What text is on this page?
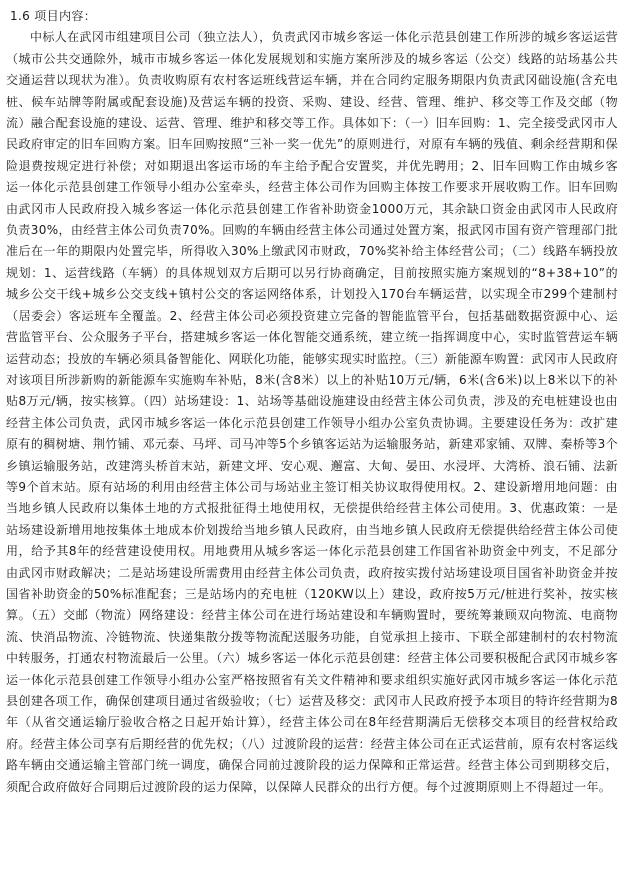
1.6 项目内容：

中标人在武冈市组建项目公司（独立法人），负责武冈市城乡客运一体化示范县创建工作所涉的城乡客运运营（城市公共交通除外，城市市城乡客运一体化发展规划和实施方案所涉及的城乡客运（公交）线路的站场基公共交通运营以现状为准）。负责收购原有农村客运班线营运车辆，并在合同约定服务期限内负责武冈础设施(含充电桩、候车站牌等附属或配套设施)及营运车辆的投资、采购、建设、经营、管理、维护、移交等工作及交邮（物流）融合配套设施的建设、运营、管理、维护和移交等工作。具体如下：（一）旧车回购：1、完全接受武冈市人民政府审定的旧车回购方案。旧车回购按照“三补一奖一优先”的原则进行，对原有车辆的残值、剩余经营期和保险退费按规定进行补偿；对如期退出客运市场的车主给予配合安置奖，并优先聘用；2、旧车回购工作由城乡客运一体化示范县创建工作领导小组办公室牵头，经营主体公司作为回购主体按工作要求开展收购工作。旧车回购由武冈市人民政府投入城乡客运一体化示范县创建工作省补助资金1000万元，其余缺口资金由武冈市人民政府负责30%，由经营主体公司负责70%。回购的车辆由经营主体公司通过处置方案，报武冈市国有资产管理部门批准后在一年的期限内处置完毕，所得收入30%上缴武冈市财政，70%奖补给主体经营公司；（二）线路车辆投放规划：1、运营线路（车辆）的具体规划双方后期可以另行协商确定，目前按照实施方案规划的“8+38+10”的城乡公交干线+城乡公交支线+镇村公交的客运网络体系，计划投入170台车辆运营，以实现全市299个建制村（居委会）客运班车全覆盖。2、经营主体公司必须投资建立完备的智能监管平台，包括基础数据资源中心、运营监管平台、公众服务子平台，搭建城乡客运一体化智能交通系统，建立统一指挥调度中心，实时监管营运车辆运营动态；投放的车辆必须具备智能化、网联化功能，能够实现实时监控。（三）新能源车购置：武冈市人民政府对该项目所涉新购的新能源车实施购车补贴，8米(含8米）以上的补贴10万元/辆，6米(含6米)以上8米以下的补贴8万元/辆，按实核算。（四）站场建设：1、站场等基础设施建设由经营主体公司负责，涉及的充电桩建设也由经营主体公司负责，武冈市城乡客运一体化示范县创建工作领导小组办公室负责协调。主要建设任务为：改扩建原有的稠树塘、荆竹铺、邓元泰、马坪、司马冲等5个乡镇客运站为运输服务站，新建邓家铺、双牌、秦桥等3个乡镇运输服务站，改建湾头桥首末站，新建文坪、安心观、邂富、大甸、晏田、水浸坪、大湾桥、浪石铺、法新等9个首末站。原有站场的利用由经营主体公司与场站业主签订相关协议取得使用权。2、建设新增用地问题：由当地乡镇人民政府以集体土地的方式报批征得土地使用权，无偿提供给经营主体公司使用。3、优惠政策：一是站场建设新增用地按集体土地成本价划拨给当地乡镇人民政府，由当地乡镇人民政府无偿提供给经营主体公司使用，给予其8年的经营建设使用权。用地费用从城乡客运一体化示范县创建工作国省补助资金中列支，不足部分由武冈市财政解决；二是站场建设所需费用由经营主体公司负责，政府按实拨付站场建设项目国省补助资金并按国省补助资金的50%标准配套；三是站场内的充电桩（120KW以上）建设，政府按5万元/桩进行奖补，按实核算。（五）交邮（物流）网络建设：经营主体公司在进行场站建设和车辆购置时，要统筹兼顾双向物流、电商物流、快消品物流、冷链物流、快递集散分拨等物流配送服务功能，自觉承担上接市、下联全部建制村的农村物流中转服务，打通农村物流最后一公里。（六）城乡客运一体化示范县创建：经营主体公司要积极配合武冈市城乡客运一体化示范县创建工作领导小组办公室严格按照省有关文件精神和要求组织实施好武冈市城乡客运一体化示范县创建各项工作，确保创建项目通过省级验收；（七）运营及移交：武冈市人民政府授予本项目的特许经营期为8年（从省交通运输厅验收合格之日起开始计算），经营主体公司在8年经营期满后无偿移交本项目的经营权给政府。经营主体公司享有后期经营的优先权；（八）过渡阶段的运营：经营主体公司在正式运营前，原有农村客运线路车辆由交通运输主管部门统一调度，确保合同前过渡阶段的运力保障和正常运营。经营主体公司到期移交后，须配合政府做好合同期后过渡阶段的运力保障，以保障人民群众的出行方便。每个过渡期原则上不得超过一年。
